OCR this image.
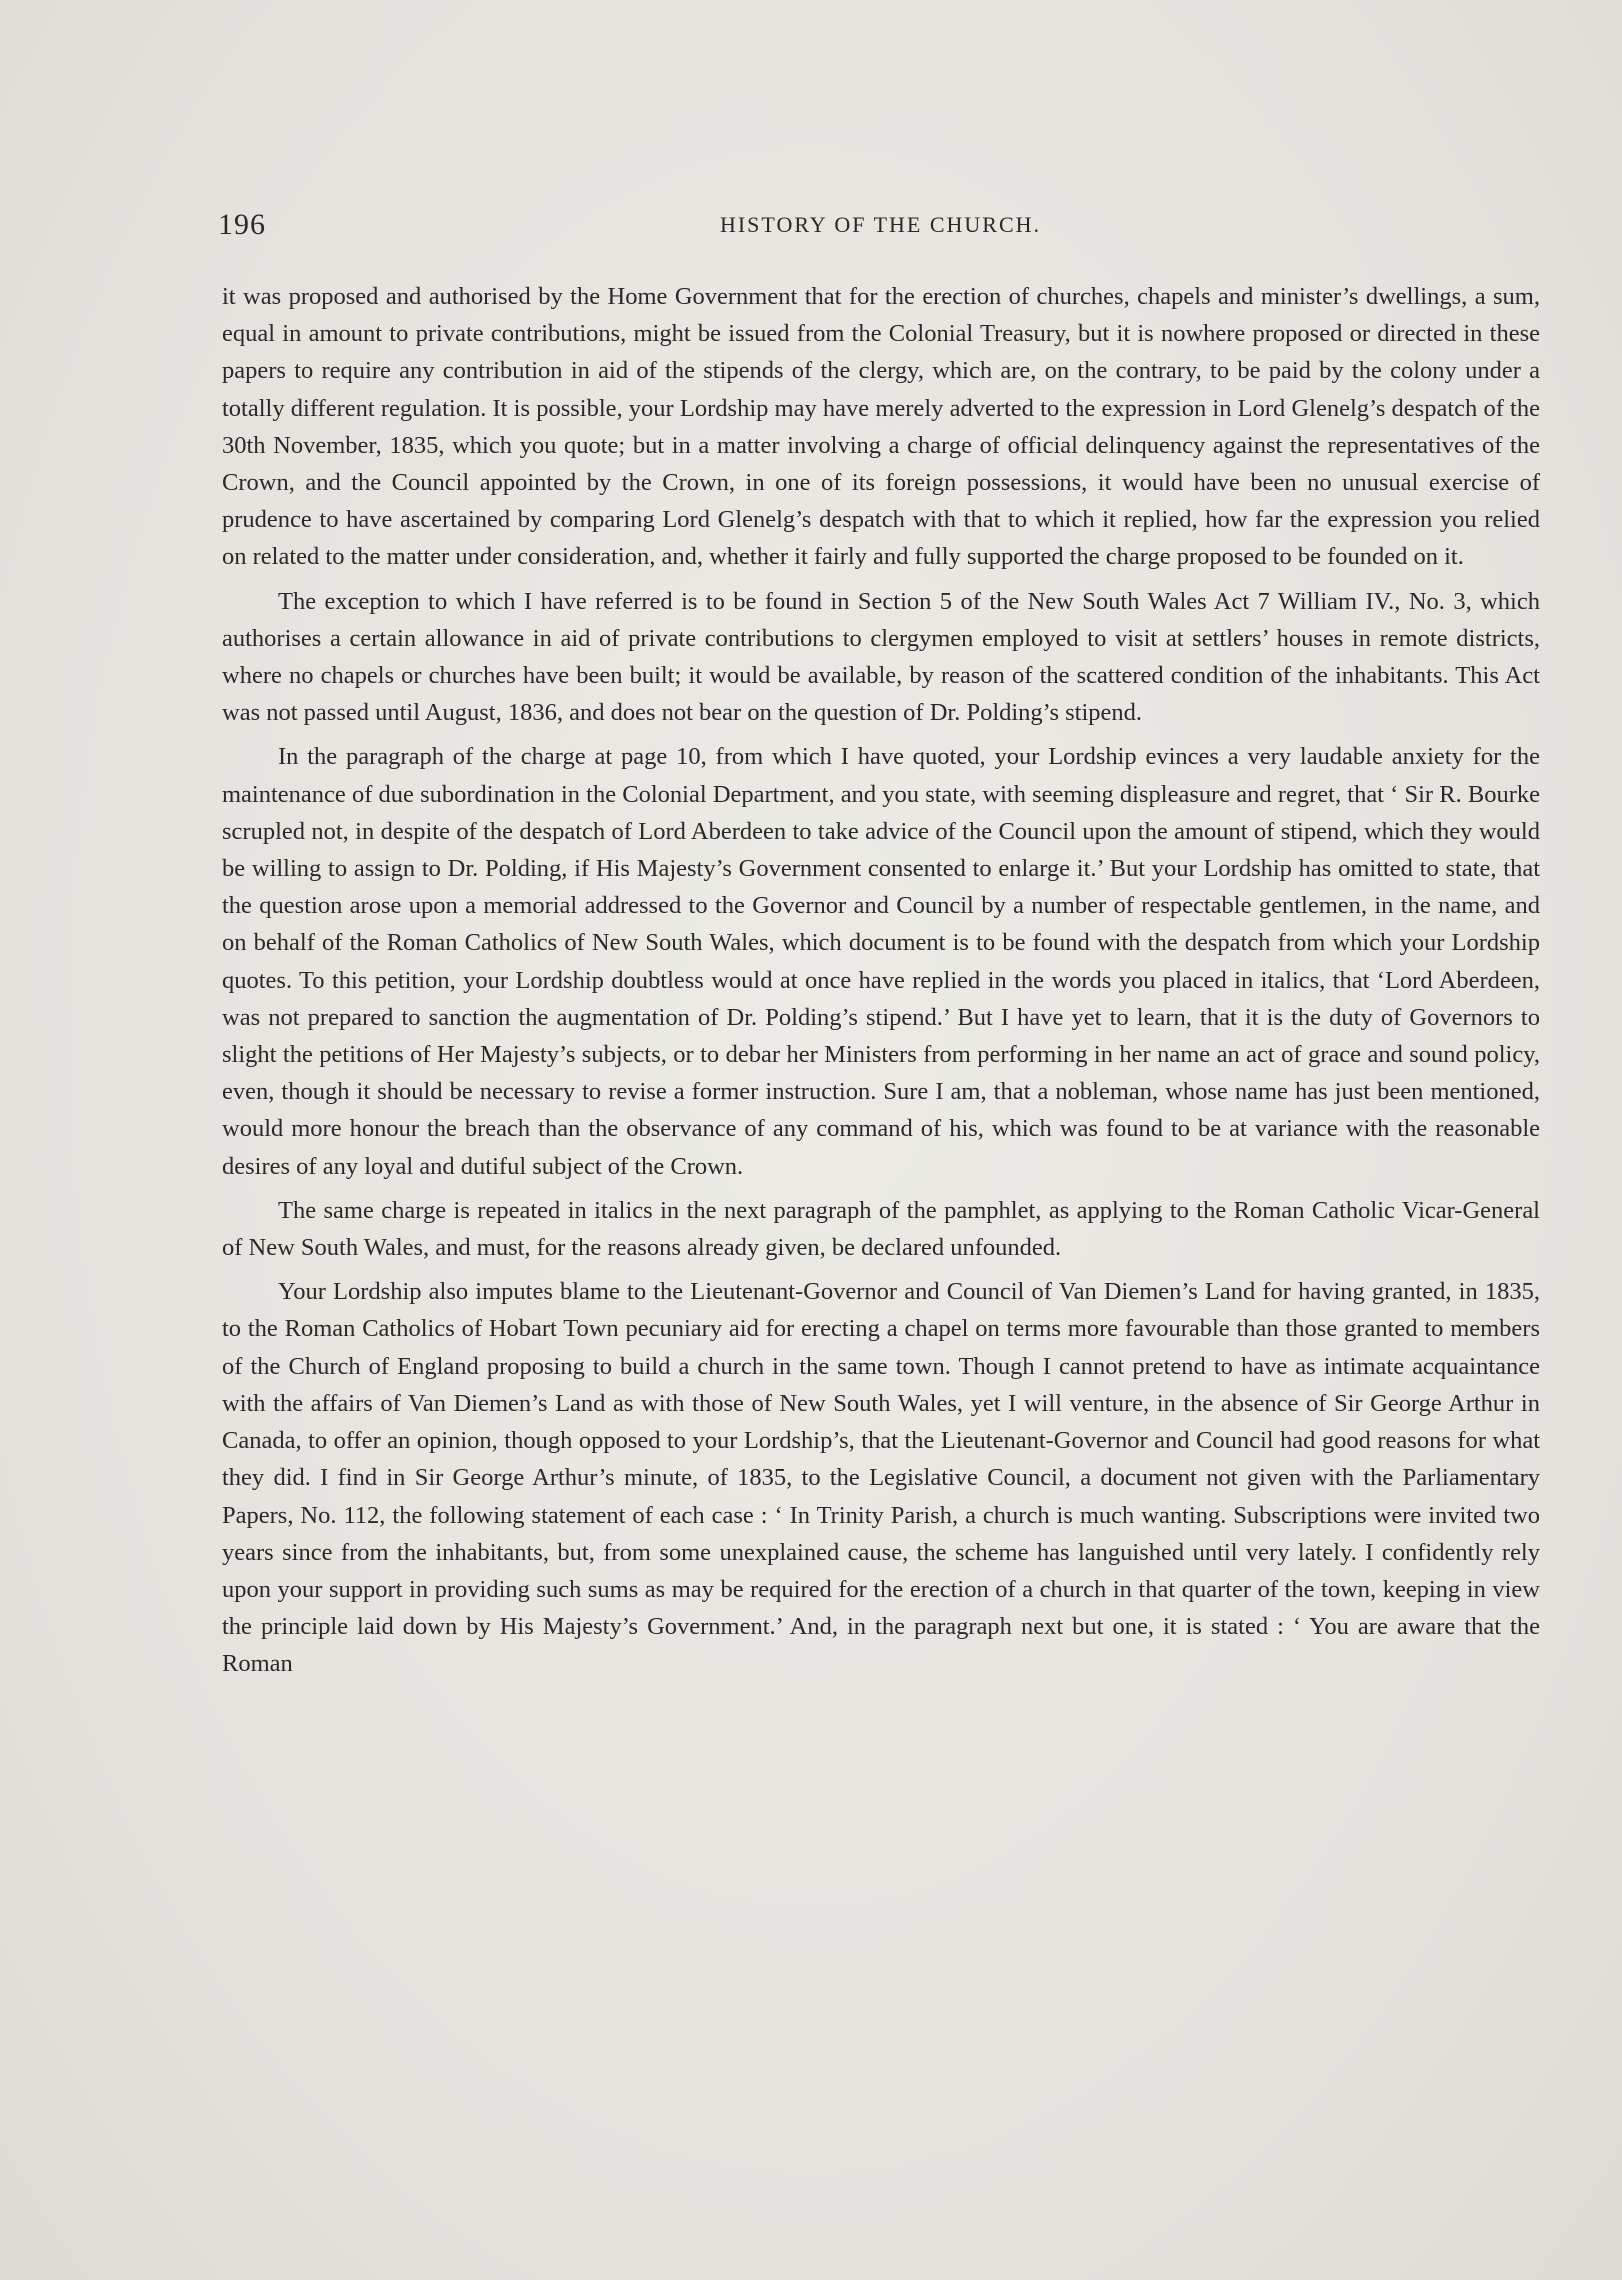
196	HISTORY OF THE CHURCH.

it was proposed and authorised by the Home Government that for the erection of churches, chapels and minister’s dwellings, a sum, equal in amount to private contributions, might be issued from the Colonial Treasury, but it is nowhere proposed or directed in these papers to require any contribution in aid of the stipends of the clergy, which are, on the contrary, to be paid by the colony under a totally different regulation. It is possible, your Lordship may have merely adverted to the expression in Lord Glenelg’s despatch of the 30th November, 1835, which you quote; but in a matter involving a charge of official delinquency against the representatives of the Crown, and the Council appointed by the Crown, in one of its foreign possessions, it would have been no unusual exercise of prudence to have ascertained by comparing Lord Glenelg’s despatch with that to which it replied, how far the expression you relied on related to the matter under consideration, and, whether it fairly and fully supported the charge proposed to be founded on it.

The exception to which I have referred is to be found in Section 5 of the New South Wales Act 7 William IV., No. 3, which authorises a certain allowance in aid of private contributions to clergymen employed to visit at settlers’ houses in remote districts, where no chapels or churches have been built; it would be available, by reason of the scattered condition of the inhabitants. This Act was not passed until August, 1836, and does not bear on the question of Dr. Polding’s stipend.

In the paragraph of the charge at page 10, from which I have quoted, your Lordship evinces a very laudable anxiety for the maintenance of due subordination in the Colonial Department, and you state, with seeming displeasure and regret, that ‘ Sir R. Bourke scrupled not, in despite of the despatch of Lord Aberdeen to take advice of the Council upon the amount of stipend, which they would be willing to assign to Dr. Polding, if His Majesty’s Government consented to enlarge it.’ But your Lordship has omitted to state, that the question arose upon a memorial addressed to the Governor and Council by a number of respectable gentlemen, in the name, and on behalf of the Roman Catholics of New South Wales, which document is to be found with the despatch from which your Lordship quotes. To this petition, your Lordship doubtless would at once have replied in the words you placed in italics, that ‘Lord Aberdeen, was not prepared to sanction the augmentation of Dr. Polding’s stipend.’ But I have yet to learn, that it is the duty of Governors to slight the petitions of Her Majesty’s subjects, or to debar her Ministers from performing in her name an act of grace and sound policy, even, though it should be necessary to revise a former instruction. Sure I am, that a nobleman, whose name has just been mentioned, would more honour the breach than the observance of any command of his, which was found to be at variance with the reasonable desires of any loyal and dutiful subject of the Crown.

The same charge is repeated in italics in the next paragraph of the pamphlet, as applying to the Roman Catholic Vicar-General of New South Wales, and must, for the reasons already given, be declared unfounded.

Your Lordship also imputes blame to the Lieutenant-Governor and Council of Van Diemen’s Land for having granted, in 1835, to the Roman Catholics of Hobart Town pecuniary aid for erecting a chapel on terms more favourable than those granted to members of the Church of England proposing to build a church in the same town. Though I cannot pretend to have as intimate acquaintance with the affairs of Van Diemen’s Land as with those of New South Wales, yet I will venture, in the absence of Sir George Arthur in Canada, to offer an opinion, though opposed to your Lordship’s, that the Lieutenant-Governor and Council had good reasons for what they did. I find in Sir George Arthur’s minute, of 1835, to the Legislative Council, a document not given with the Parliamentary Papers, No. 112, the following statement of each case : ‘ In Trinity Parish, a church is much wanting. Subscriptions were invited two years since from the inhabitants, but, from some unexplained cause, the scheme has languished until very lately. I confidently rely upon your support in providing such sums as may be required for the erection of a church in that quarter of the town, keeping in view the principle laid down by His Majesty’s Government.’ And, in the paragraph next but one, it is stated : ‘ You are aware that the Roman
